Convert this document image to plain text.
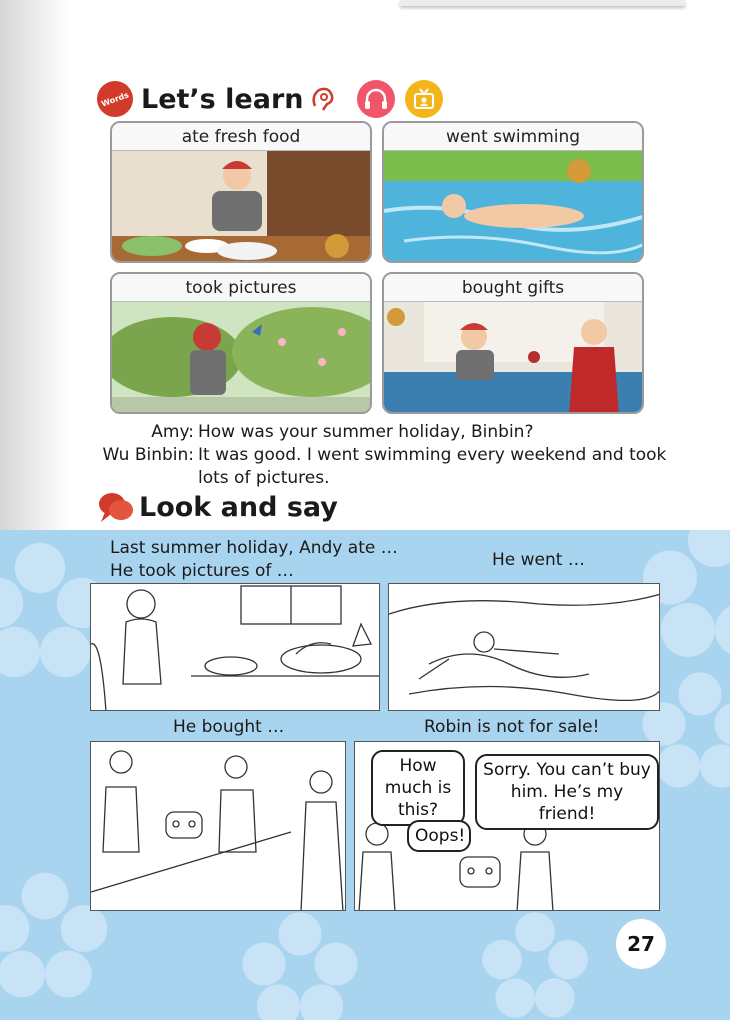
Words Let’s learn
ate fresh food	went swimming
took pictures	bought gifts
Amy: How was your summer holiday, Binbin?
Wu Binbin: It was good. I went swimming every weekend and took
lots of pictures.
Look and say
Last summer holiday, Andy ate …
He took pictures of …
He went …
He bought …	Robin is not for sale!
How much is this?
Oops!
Sorry. You can’t buy him. He’s my friend!
27
